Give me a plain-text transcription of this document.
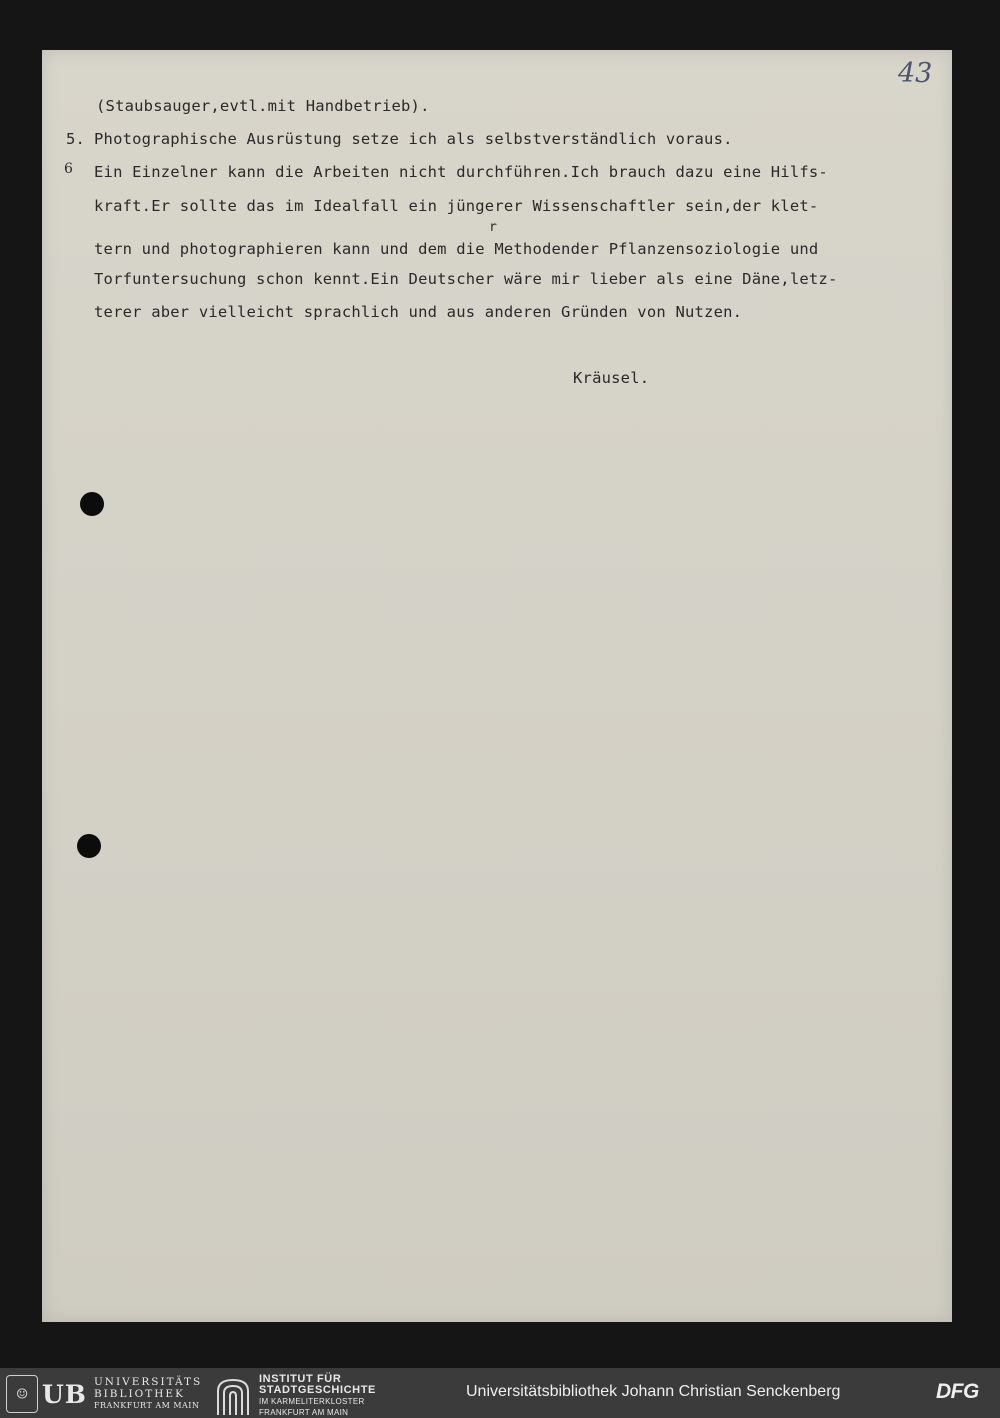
43
(Staubsauger,evtl.mit Handbetrieb).
5. Photographische Ausrüstung setze ich als selbstverständlich voraus.
6 Ein Einzelner kann die Arbeiten nicht durchführen.Ich brauch dazu eine Hilfs-
kraft.Er sollte das im Idealfall ein jüngerer Wissenschaftler sein,der klet-
r
tern und photographieren kann und dem die Methodender Pflanzensoziologie und
Torfuntersuchung schon kennt.Ein Deutscher wäre mir lieber als eine Däne,letz-
terer aber vielleicht sprachlich und aus anderen Gründen von Nutzen.
Kräusel.
☺ UB UNIVERSITÄTS
BIBLIOTHEK
FRANKFURT AM MAIN
INSTITUT FÜR
STADTGESCHICHTE
IM KARMELITERKLOSTER
FRANKFURT AM MAIN
Universitätsbibliothek Johann Christian Senckenberg	DFG
